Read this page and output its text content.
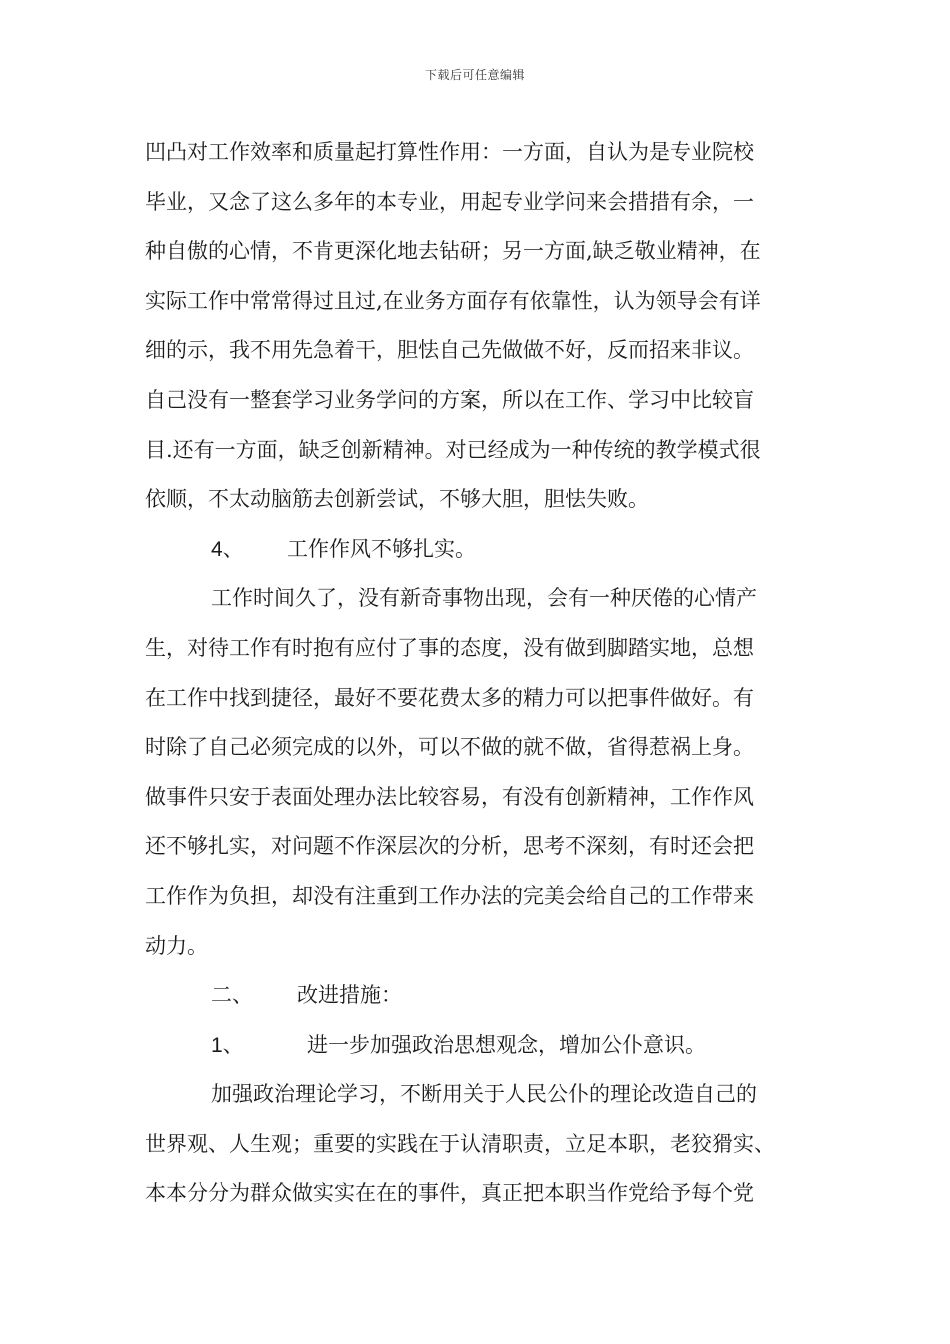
下载后可任意编辑
凹凸对工作效率和质量起打算性作用：一方面，自认为是专业院校
毕业，又念了这么多年的本专业，用起专业学问来会措措有余，一
种自傲的心情，不肯更深化地去钻研；另一方面,缺乏敬业精神，在
实际工作中常常得过且过,在业务方面存有依靠性，认为领导会有详
细的示，我不用先急着干，胆怯自己先做做不好，反而招来非议。
自己没有一整套学习业务学问的方案，所以在工作、学习中比较盲
目.还有一方面，缺乏创新精神。对已经成为一种传统的教学模式很
依顺，不太动脑筋去创新尝试，不够大胆，胆怯失败。
4、 工作作风不够扎实。
工作时间久了，没有新奇事物出现，会有一种厌倦的心情产
生，对待工作有时抱有应付了事的态度，没有做到脚踏实地，总想
在工作中找到捷径，最好不要花费太多的精力可以把事件做好。有
时除了自己必须完成的以外，可以不做的就不做，省得惹祸上身。
做事件只安于表面处理办法比较容易，有没有创新精神，工作作风
还不够扎实，对问题不作深层次的分析，思考不深刻，有时还会把
工作作为负担，却没有注重到工作办法的完美会给自己的工作带来
动力。
二、 改进措施：
1、	进一步加强政治思想观念，增加公仆意识。
加强政治理论学习，不断用关于人民公仆的理论改造自己的
世界观、人生观；重要的实践在于认清职责，立足本职，老狡猾实、
本本分分为群众做实实在在的事件，真正把本职当作党给予每个党
